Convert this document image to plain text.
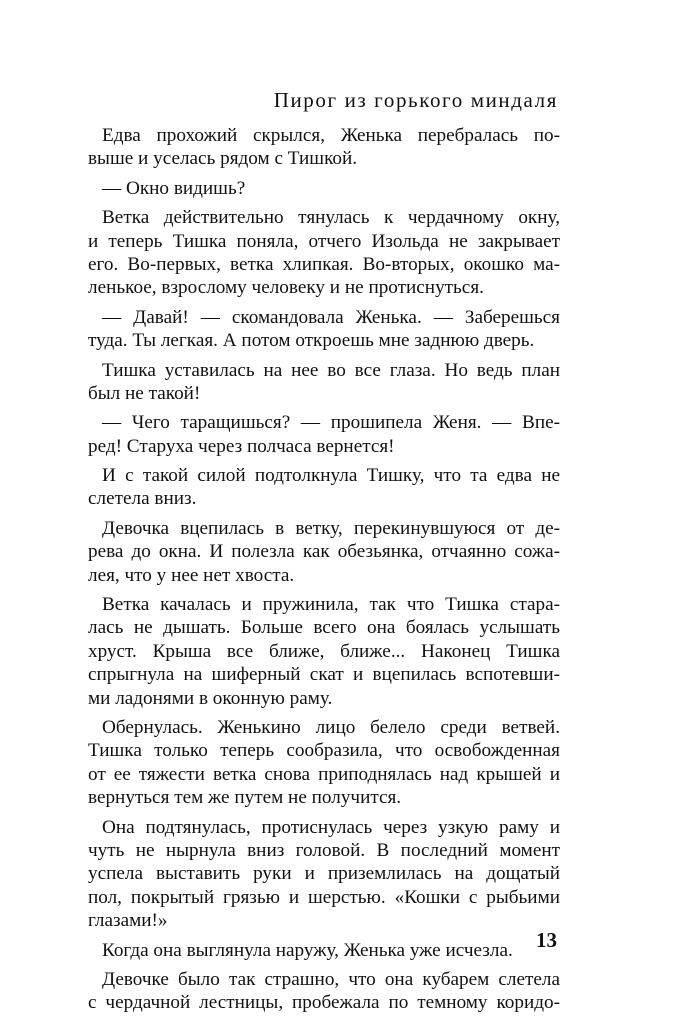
Пирог из горького миндаля
Едва прохожий скрылся, Женька перебралась по-
выше и уселась рядом с Тишкой.
— Окно видишь?
Ветка действительно тянулась к чердачному окну,
и теперь Тишка поняла, отчего Изольда не закрывает
его. Во-первых, ветка хлипкая. Во-вторых, окошко ма-
ленькое, взрослому человеку и не протиснуться.
— Давай! — скомандовала Женька. — Заберешься
туда. Ты легкая. А потом откроешь мне заднюю дверь.
Тишка уставилась на нее во все глаза. Но ведь план
был не такой!
— Чего таращишься? — прошипела Женя. — Впе-
ред! Старуха через полчаса вернется!
И с такой силой подтолкнула Тишку, что та едва не
слетела вниз.
Девочка вцепилась в ветку, перекинувшуюся от де-
рева до окна. И полезла как обезьянка, отчаянно сожа-
лея, что у нее нет хвоста.
Ветка качалась и пружинила, так что Тишка стара-
лась не дышать. Больше всего она боялась услышать
хруст. Крыша все ближе, ближе... Наконец Тишка
спрыгнула на шиферный скат и вцепилась вспотевши-
ми ладонями в оконную раму.
Обернулась. Женькино лицо белело среди ветвей.
Тишка только теперь сообразила, что освобожденная
от ее тяжести ветка снова приподнялась над крышей и
вернуться тем же путем не получится.
Она подтянулась, протиснулась через узкую раму и
чуть не нырнула вниз головой. В последний момент
успела выставить руки и приземлилась на дощатый
пол, покрытый грязью и шерстью. «Кошки с рыбьими
глазами!»
Когда она выглянула наружу, Женька уже исчезла.
Девочке было так страшно, что она кубарем слетела
с чердачной лестницы, пробежала по темному коридо-
13
